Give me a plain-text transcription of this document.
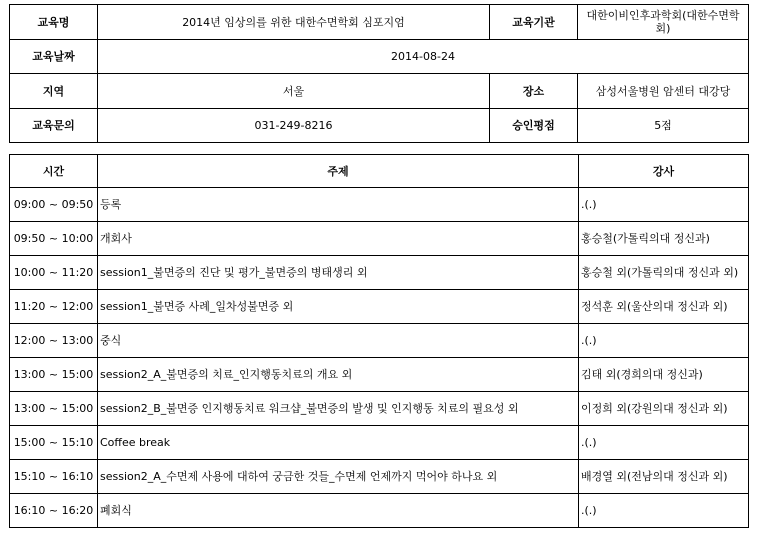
교육명	2014년 임상의를 위한 대한수면학회 심포지엄	교육기관	대한이비인후과학회(대한수면학회)
교육날짜	2014-08-24		
지역	서울	장소	삼성서울병원 암센터 대강당
교육문의	031-249-8216	승인평점	5점
시간	주제	강사
09:00 ~ 09:50	등록	.(.)
09:50 ~ 10:00	개회사	홍승철(가톨릭의대 정신과)
10:00 ~ 11:20	session1_불면증의 진단 및 평가_불면증의 병태생리 외	홍승철 외(가톨릭의대 정신과 외)
11:20 ~ 12:00	session1_불면증 사례_일차성불면증 외	정석훈 외(울산의대 정신과 외)
12:00 ~ 13:00	중식	.(.)
13:00 ~ 15:00	session2_A_불면증의 치료_인지행동치료의 개요 외	김태 외(경희의대 정신과)
13:00 ~ 15:00	session2_B_불면증 인지행동치료 워크샵_불면증의 발생 및 인지행동 치료의 필요성 외	이정희 외(강원의대 정신과 외)
15:00 ~ 15:10	Coffee break	.(.)
15:10 ~ 16:10	session2_A_수면제 사용에 대하여 궁금한 것들_수면제 언제까지 먹어야 하나요 외	배경열 외(전남의대 정신과 외)
16:10 ~ 16:20	폐회식	.(.)
